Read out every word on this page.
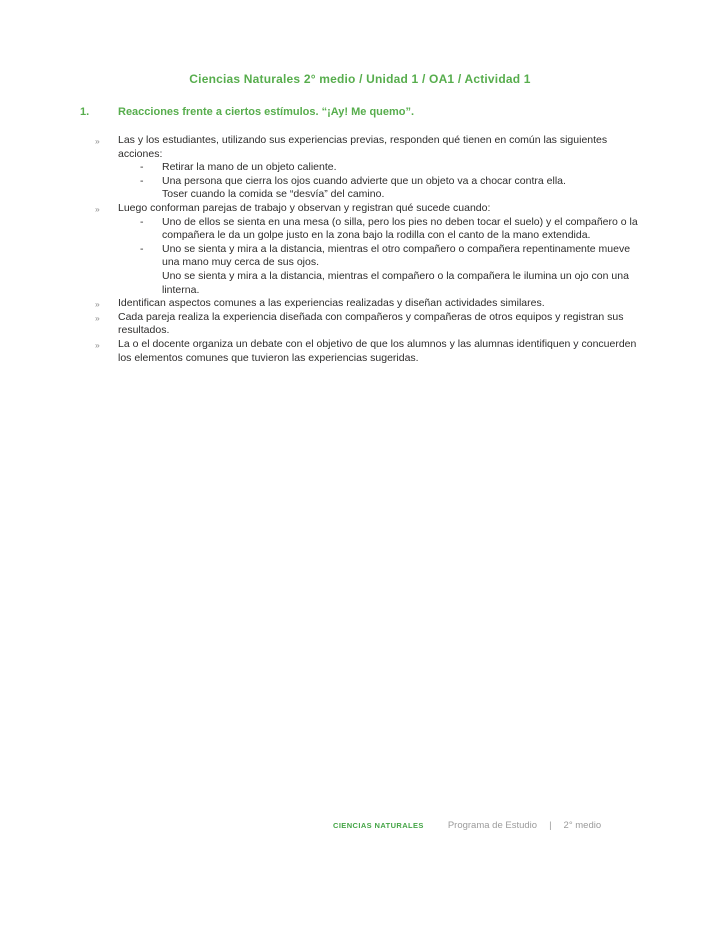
Ciencias Naturales 2° medio / Unidad 1 / OA1 / Actividad 1
1.	Reacciones frente a ciertos estímulos. “¡Ay! Me quemo”.
» Las y los estudiantes, utilizando sus experiencias previas, responden qué tienen en común las siguientes acciones:
- Retirar la mano de un objeto caliente.
- Una persona que cierra los ojos cuando advierte que un objeto va a chocar contra ella.
Toser cuando la comida se “desvía” del camino.
» Luego conforman parejas de trabajo y observan y registran qué sucede cuando:
- Uno de ellos se sienta en una mesa (o silla, pero los pies no deben tocar el suelo) y el compañero o la compañera le da un golpe justo en la zona bajo la rodilla con el canto de la mano extendida.
- Uno se sienta y mira a la distancia, mientras el otro compañero o compañera repentinamente mueve una mano muy cerca de sus ojos.
Uno se sienta y mira a la distancia, mientras el compañero o la compañera le ilumina un ojo con una linterna.
» Identifican aspectos comunes a las experiencias realizadas y diseñan actividades similares.
» Cada pareja realiza la experiencia diseñada con compañeros y compañeras de otros equipos y registran sus resultados.
» La o el docente organiza un debate con el objetivo de que los alumnos y las alumnas identifiquen y concuerden los elementos comunes que tuvieron las experiencias sugeridas.
CIENCIAS NATURALES	Programa de Estudio | 2° medio
